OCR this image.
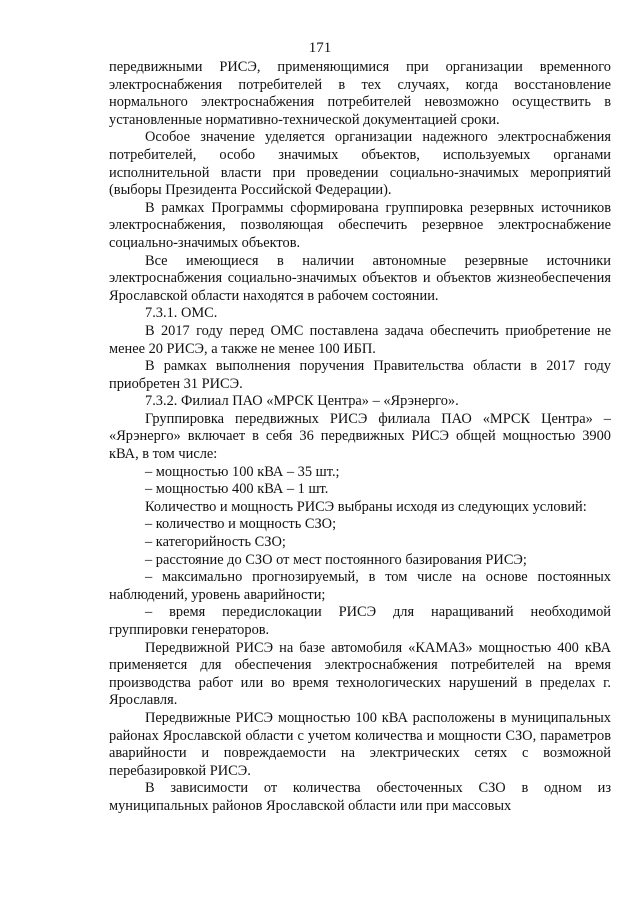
171

передвижными РИСЭ, применяющимися при организации временного электроснабжения потребителей в тех случаях, когда восстановление нормального электроснабжения потребителей невозможно осуществить в установленные нормативно-технической документацией сроки.

Особое значение уделяется организации надежного электроснабжения потребителей, особо значимых объектов, используемых органами исполнительной власти при проведении социально-значимых мероприятий (выборы Президента Российской Федерации).

В рамках Программы сформирована группировка резервных источников электроснабжения, позволяющая обеспечить резервное электроснабжение социально-значимых объектов.

Все имеющиеся в наличии автономные резервные источники электроснабжения социально-значимых объектов и объектов жизнеобеспечения Ярославской области находятся в рабочем состоянии.

7.3.1. ОМС.

В 2017 году перед ОМС поставлена задача обеспечить приобретение не менее 20 РИСЭ, а также не менее 100 ИБП.

В рамках выполнения поручения Правительства области в 2017 году приобретен 31 РИСЭ.

7.3.2. Филиал ПАО «МРСК Центра» – «Ярэнерго».

Группировка передвижных РИСЭ филиала ПАО «МРСК Центра» – «Ярэнерго» включает в себя 36 передвижных РИСЭ общей мощностью 3900 кВА, в том числе:

– мощностью 100 кВА – 35 шт.;

– мощностью 400 кВА – 1 шт.

Количество и мощность РИСЭ выбраны исходя из следующих условий:

– количество и мощность СЗО;

– категорийность СЗО;

– расстояние до СЗО от мест постоянного базирования РИСЭ;

– максимально прогнозируемый, в том числе на основе постоянных наблюдений, уровень аварийности;

– время передислокации РИСЭ для наращиваний необходимой группировки генераторов.

Передвижной РИСЭ на базе автомобиля «КАМАЗ» мощностью 400 кВА применяется для обеспечения электроснабжения потребителей на время производства работ или во время технологических нарушений в пределах г. Ярославля.

Передвижные РИСЭ мощностью 100 кВА расположены в муниципальных районах Ярославской области с учетом количества и мощности СЗО, параметров аварийности и повреждаемости на электрических сетях с возможной перебазировкой РИСЭ.

В зависимости от количества обесточенных СЗО в одном из муниципальных районов Ярославской области или при массовых
